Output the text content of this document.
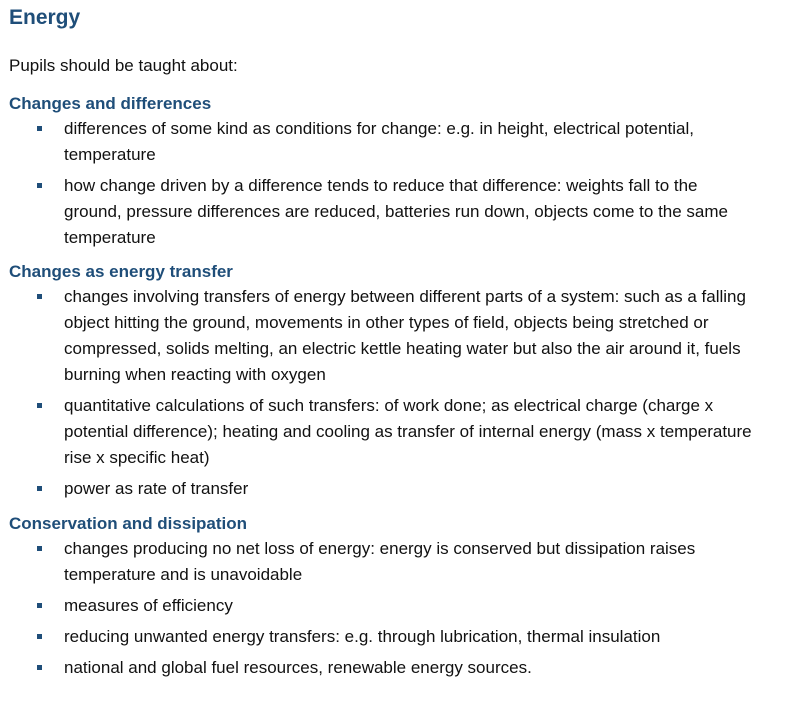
Energy

Pupils should be taught about:

Changes and differences
differences of some kind as conditions for change: e.g. in height, electrical potential, temperature
how change driven by a difference tends to reduce that difference: weights fall to the ground, pressure differences are reduced, batteries run down, objects come to the same temperature
Changes as energy transfer
changes involving transfers of energy between different parts of a system: such as a falling object hitting the ground, movements in other types of field, objects being stretched or compressed, solids melting, an electric kettle heating water but also the air around it, fuels burning when reacting with oxygen
quantitative calculations of such transfers: of work done; as electrical charge (charge x potential difference); heating and cooling as transfer of internal energy (mass x temperature rise x specific heat)
power as rate of transfer
Conservation and dissipation
changes producing no net loss of energy: energy is conserved but dissipation raises temperature and is unavoidable
measures of efficiency
reducing unwanted energy transfers: e.g. through lubrication, thermal insulation
national and global fuel resources, renewable energy sources.
